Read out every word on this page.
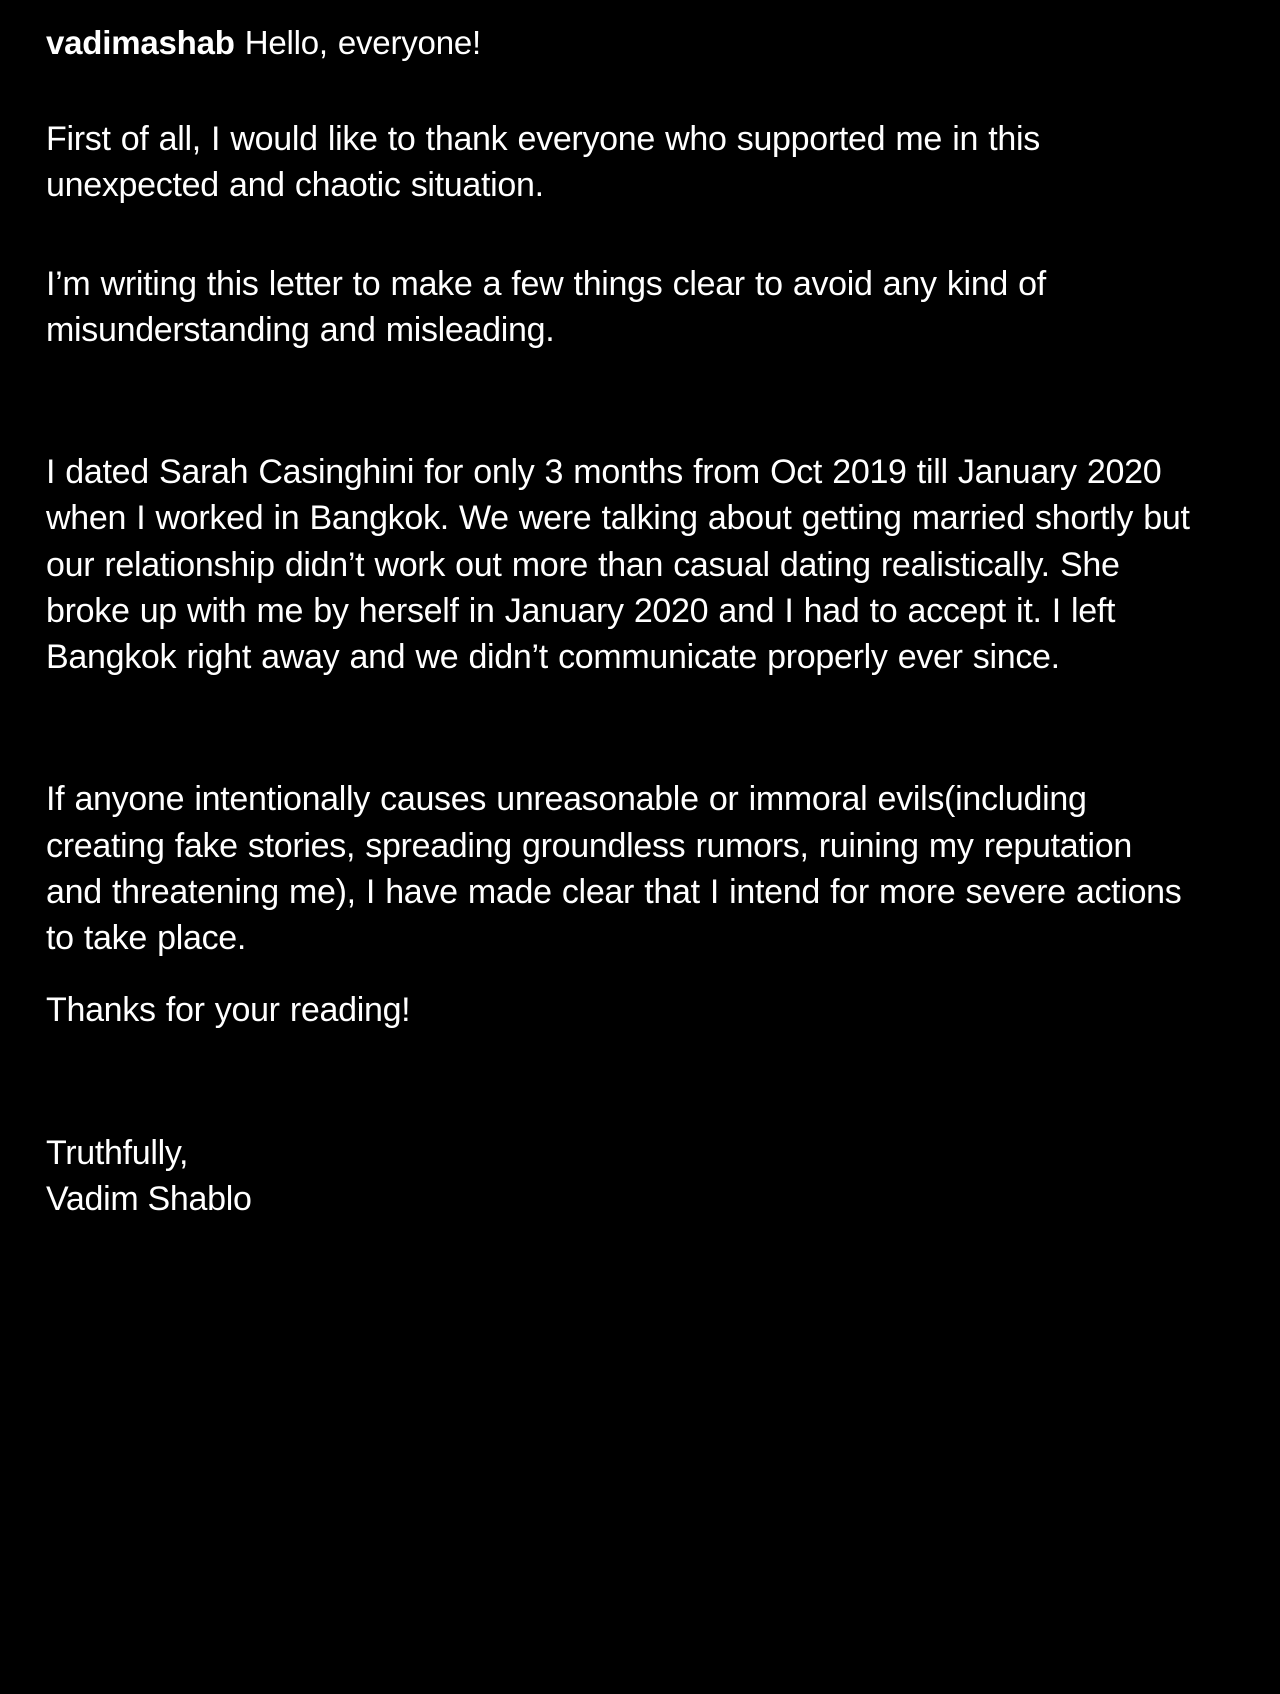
vadimashab Hello, everyone!

First of all, I would like to thank everyone who supported me in this unexpected and chaotic situation.

I’m writing this letter to make a few things clear to avoid any kind of misunderstanding and misleading.

I dated Sarah Casinghini for only 3 months from Oct 2019 till January 2020 when I worked in Bangkok. We were talking about getting married shortly but our relationship didn’t work out more than casual dating realistically. She broke up with me by herself in January 2020 and I had to accept it. I left Bangkok right away and we didn’t communicate properly ever since.

If anyone intentionally causes unreasonable or immoral evils(including creating fake stories, spreading groundless rumors, ruining my reputation and threatening me), I have made clear that I intend for more severe actions to take place.

Thanks for your reading!

Truthfully,
Vadim Shablo
